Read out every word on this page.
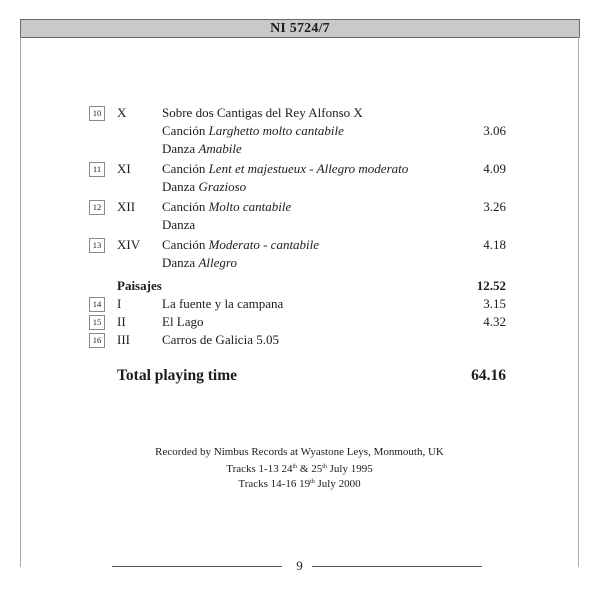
NI 5724/7
10 X	Sobre dos Cantigas del Rey Alfonso X
Canción Larghetto molto cantabile	3.06
Danza Amabile
11	XI Canción Lent et majestueux - Allegro moderato	4.09
Danza Grazioso
12 XII Canción Molto cantabile	3.26
Danza
13 XIV Canción Moderato - cantabile	4.18
Danza Allegro
Paisajes	12.52
14 I	La fuente y la campana	3.15
15 II	El Lago	4.32
16 III Carros de Galicia 5.05
Total playing time	64.16
Recorded by Nimbus Records at Wyastone Leys, Monmouth, UK
Tracks 1-13 24th & 25th July 1995
Tracks 14-16 19th July 2000
9
